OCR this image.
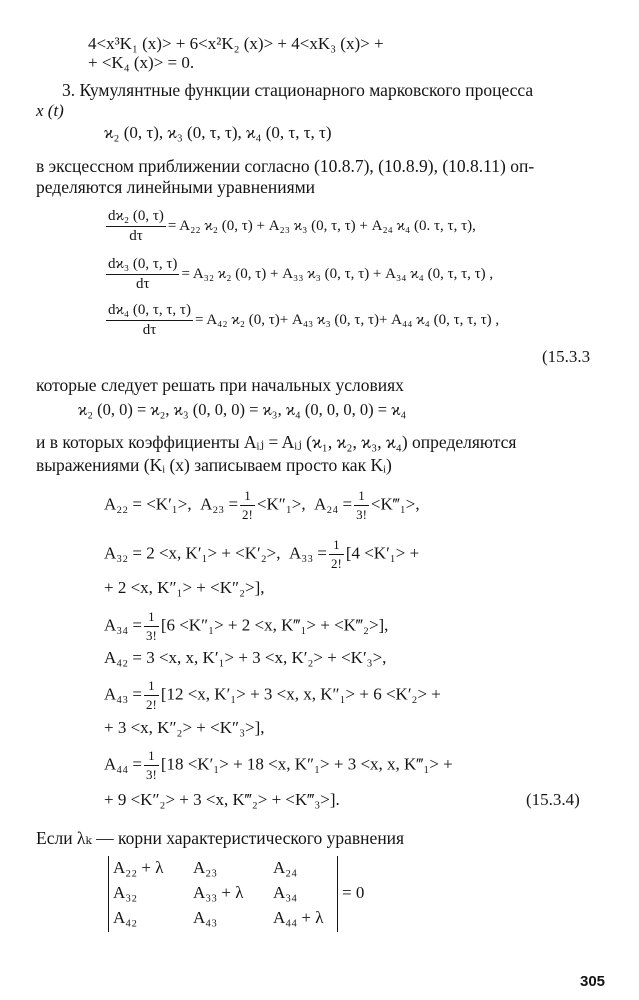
4<x³K₁ (x)> + 6<x²K₂ (x)> + 4<xK₃ (x)> +
+ <K₄ (x)> = 0.
3. Кумулянтные функции стационарного марковского процесса
x (t)
ϰ₂ (0, τ), ϰ₃ (0, τ, τ), ϰ₄ (0, τ, τ, τ)
в эксцессном приближении согласно (10.8.7), (10.8.9), (10.8.11) оп-
ределяются линейными уравнениями
$\frac{\text{dϰ₂ (0, τ)}}{d\tau} = A_{22}$ ϰ₂ (0, τ) + A₂₃ ϰ₃ (0, τ, τ) + A₂₄ ϰ₄ (0. τ, τ, τ),
$\frac{\text{dϰ₃ (0, τ, τ)}}{d\tau} = A_{32}$ ϰ₂ (0, τ) + A₃₃ ϰ₃ (0, τ, τ) + A₃₄ ϰ₄ (0, τ, τ, τ) ,
$\frac{\text{dϰ₄ (0, τ, τ, τ)}}{d\tau} = A_{42}$ ϰ₂ (0, τ)+ A₄₃ ϰ₃ (0, τ, τ)+ A₄₄ ϰ₄ (0, τ, τ, τ) ,
(15.3.3
которые следует решать при начальных условиях
ϰ₂ (0, 0) = ϰ₂, ϰ₃ (0, 0, 0) = ϰ₃, ϰ₄ (0, 0, 0, 0) = ϰ₄
и в которых коэффициенты Aᵢⱼ = Aᵢⱼ (ϰ₁, ϰ₂, ϰ₃, ϰ₄) определяются
выражениями (Kᵢ (x) записываем просто как Kᵢ)
A₂₂ = <K′₁>, $A_{23} = \frac{1}{2!} <K''_1>$, $A_{24} = \frac{1}{3!}$ <K‴₁>,
A₃₂ = 2 <x, K′₁> + <K′₂>, $A_{33} = \frac{1}{2!} [4 <K'_1>$ +
+ 2 <x, K″₁> + <K″₂>],
$A_{34} = \frac{1}{3!} [6 <K''_1> + 2 <x$, K‴₁> + <K‴₂>],
A₄₂ = 3 <x, x, K′₁> + 3 <x, K′₂> + <K′₃>,
$A_{43} = \frac{1}{2!} [12 <x$, K′₁> + 3 <x, x, K″₁> + 6 <K′₂> +
+ 3 <x, K″₂> + <K″₃>],
$A_{44} = \frac{1}{3!} [18 <K'_1> + 18 <x$, K″₁> + 3 <x, x, K‴₁> +
+ 9 <K″₂> + 3 <x, K‴₂> + <K‴₃>].	(15.3.4)
Если λₖ — корни характеристического уравнения
A₂₂ + λ A₂₃	A₂₄
A₃₂	A₃₃ + λ A₃₄
A₄₂	A₄₃	A₄₄ + λ
= 0
305
